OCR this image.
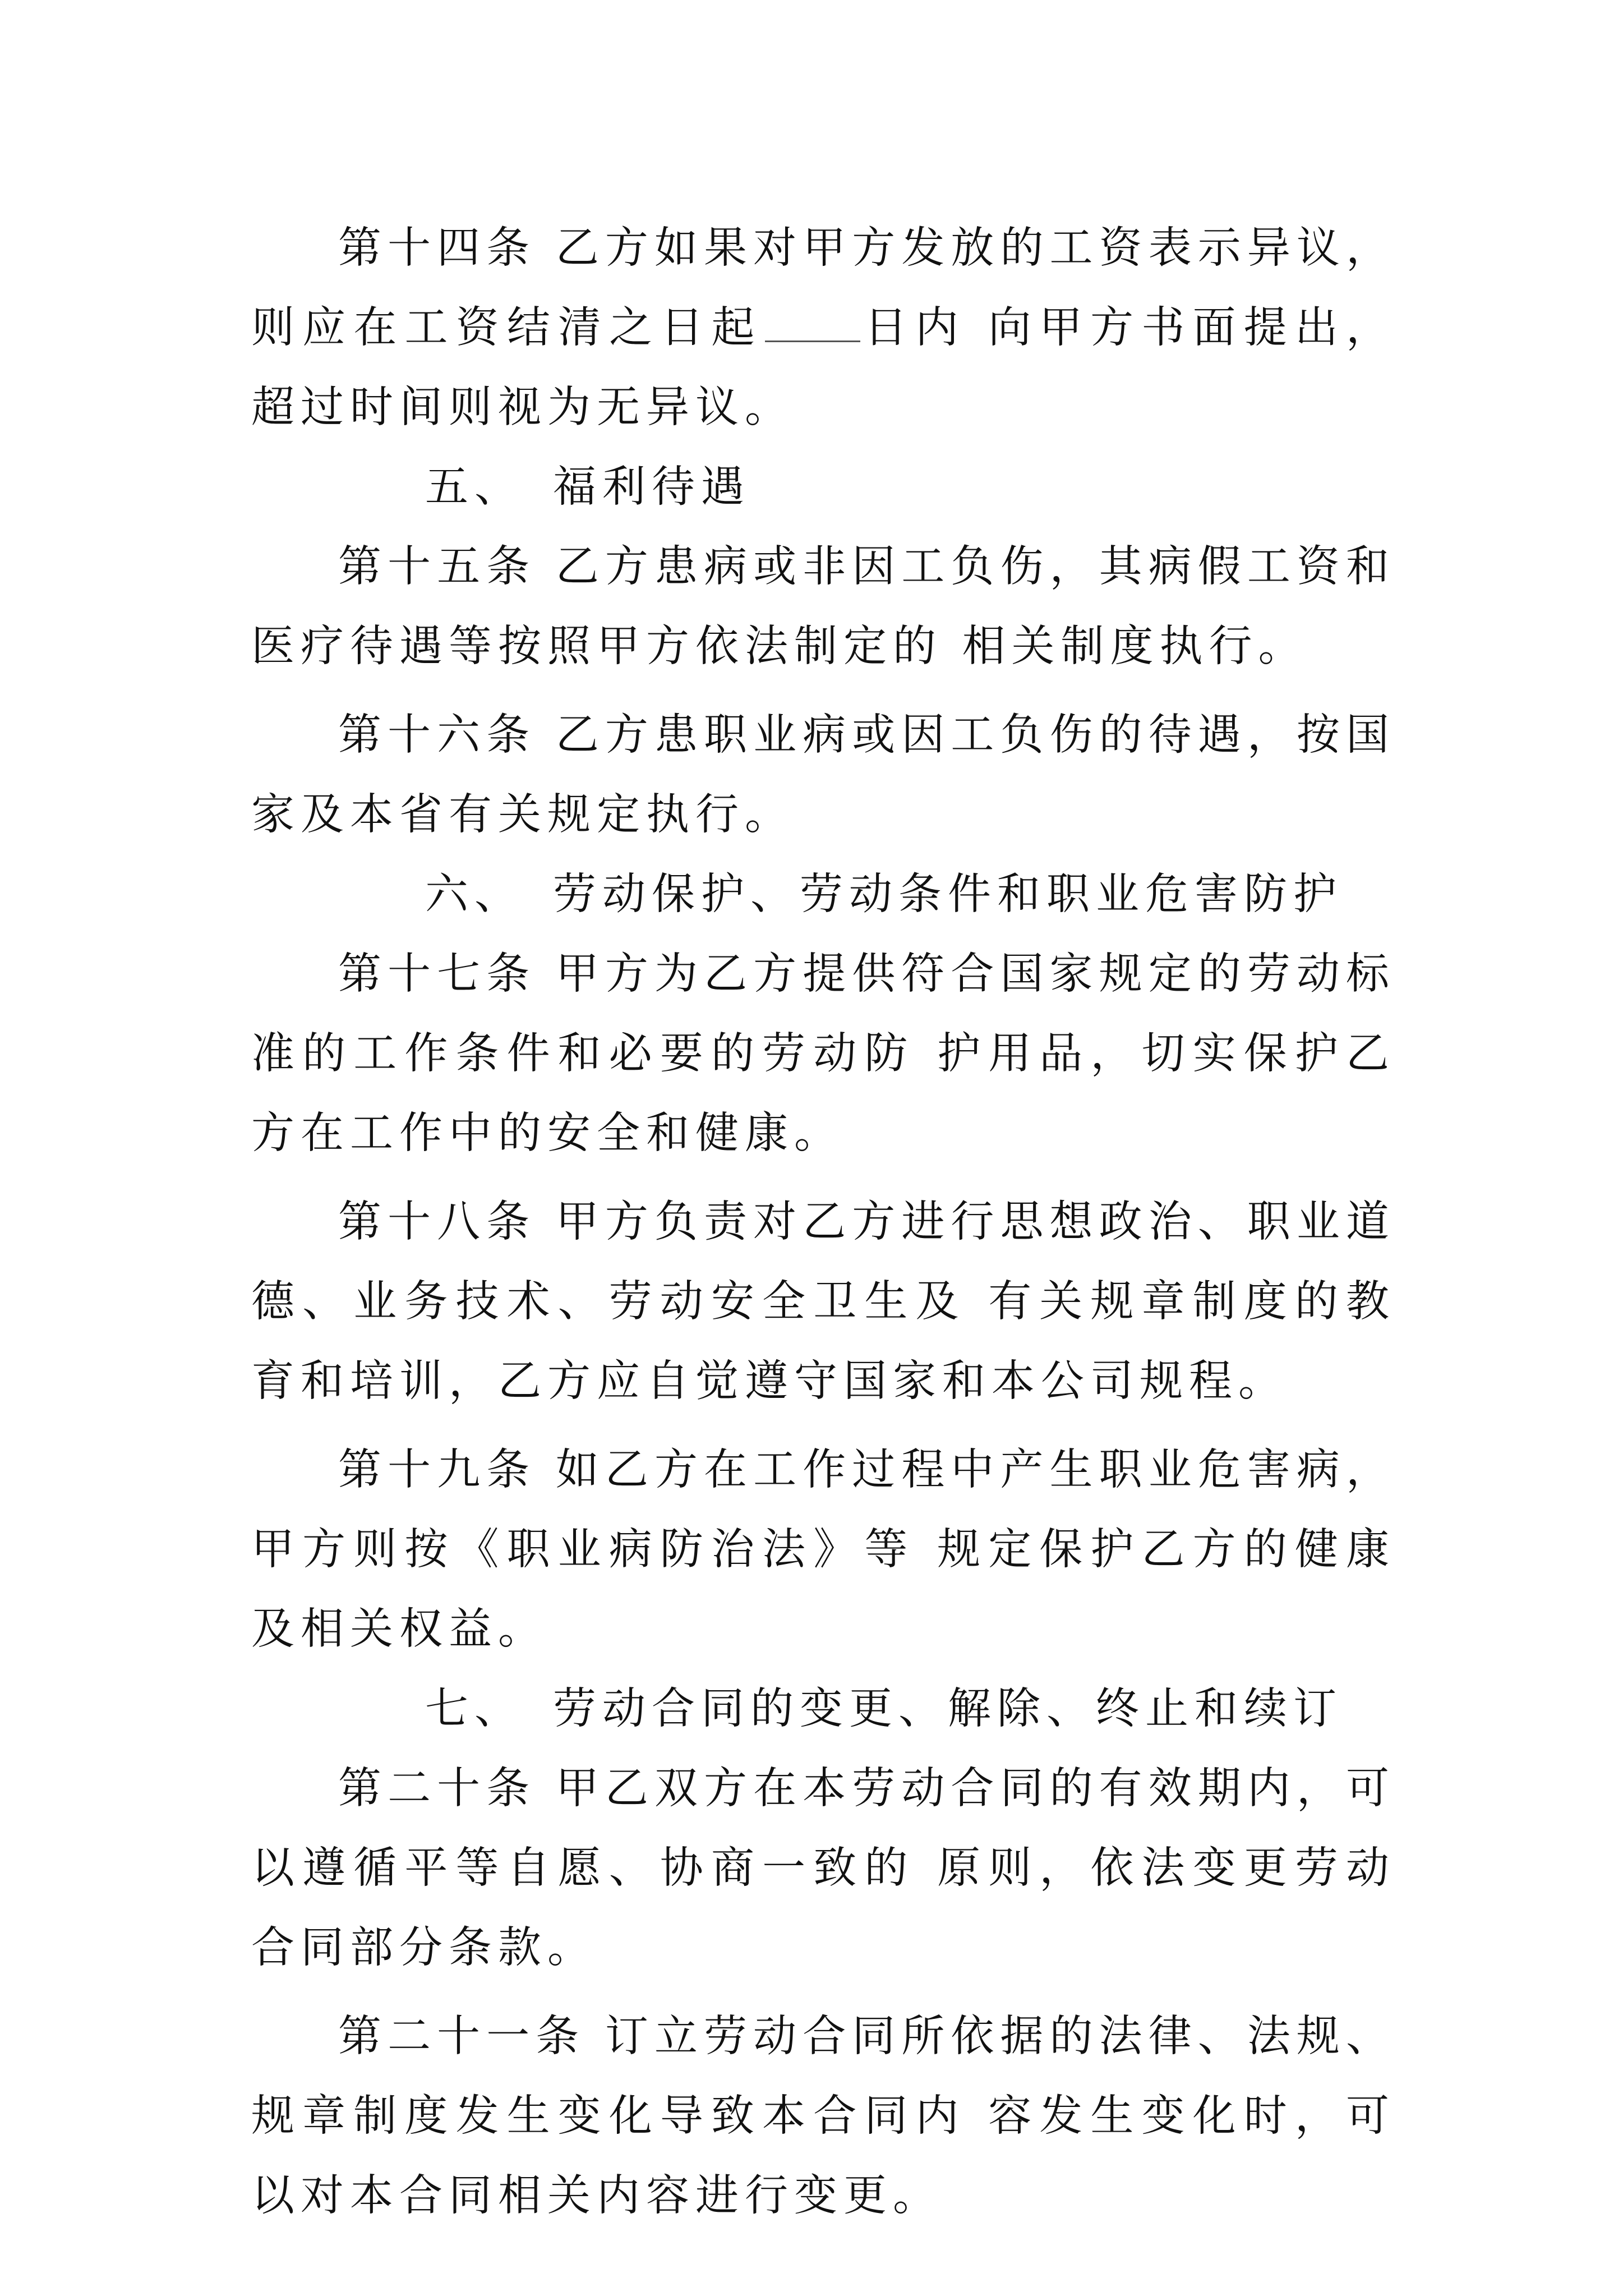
第十四条 乙方如果对甲方发放的工资表示异议，则应在工资结清之日起 日内 向甲方书面提出，超过时间则视为无异议。

五、 福利待遇

第十五条 乙方患病或非因工负伤，其病假工资和医疗待遇等按照甲方依法制定的 相关制度执行。

第十六条 乙方患职业病或因工负伤的待遇，按国家及本省有关规定执行。

六、 劳动保护、劳动条件和职业危害防护

第十七条 甲方为乙方提供符合国家规定的劳动标准的工作条件和必要的劳动防 护用品，切实保护乙方在工作中的安全和健康。

第十八条 甲方负责对乙方进行思想政治、职业道德、业务技术、劳动安全卫生及 有关规章制度的教育和培训，乙方应自觉遵守国家和本公司规程。

第十九条 如乙方在工作过程中产生职业危害病，甲方则按《职业病防治法》等 规定保护乙方的健康及相关权益。

七、 劳动合同的变更、解除、终止和续订

第二十条 甲乙双方在本劳动合同的有效期内，可以遵循平等自愿、协商一致的 原则，依法变更劳动合同部分条款。

第二十一条 订立劳动合同所依据的法律、法规、规章制度发生变化导致本合同内 容发生变化时，可以对本合同相关内容进行变更。
